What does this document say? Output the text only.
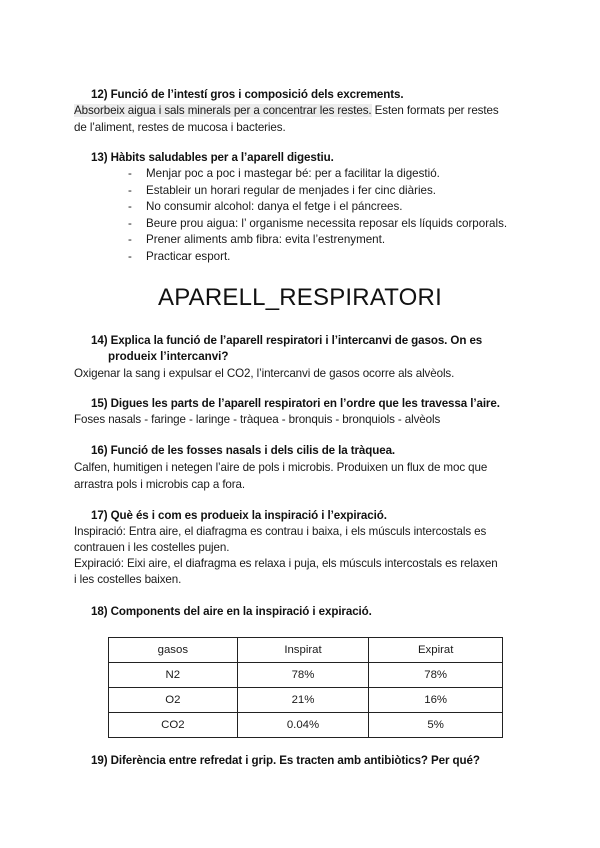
12) Funció de l’intestí gros i composició dels excrements.
Absorbeix aigua i sals minerals per a concentrar les restes. Esten formats per restes
de l’aliment, restes de mucosa i bacteries.
13) Hàbits saludables per a l’aparell digestiu.
- Menjar poc a poc i mastegar bé: per a facilitar la digestió.
- Estableir un horari regular de menjades i fer cinc diàries.
- No consumir alcohol: danya el fetge i el páncrees.
- Beure prou aigua: l’ organisme necessita reposar els líquids corporals.
- Prener aliments amb fibra: evita l’estrenyment.
- Practicar esport.
APARELL_RESPIRATORI
14) Explica la funció de l’aparell respiratori i l’intercanvi de gasos. On es
produeix l’intercanvi?
Oxigenar la sang i expulsar el CO2, l’intercanvi de gasos ocorre als alvèols.
15) Digues les parts de l’aparell respiratori en l’ordre que les travessa l’aire.
Foses nasals - faringe - laringe - tràquea - bronquis - bronquiols - alvèols
16) Funció de les fosses nasals i dels cilis de la tràquea.
Calfen, humitigen i netegen l’aire de pols i microbis. Produixen un flux de moc que
arrastra pols i microbis cap a fora.
17) Què és i com es produeix la inspiració i l’expiració.
Inspiració: Entra aire, el diafragma es contrau i baixa, i els músculs intercostals es
contrauen i les costelles pujen.
Expiració: Eixi aire, el diafragma es relaxa i puja, els músculs intercostals es relaxen
i les costelles baixen.
18) Components del aire en la inspiració i expiració.
gasos	Inspirat	Expirat
N2	78%	78%
O2	21%	16%
CO2	0.04%	5%
19) Diferència entre refredat i grip. Es tracten amb antibiòtics? Per qué?
